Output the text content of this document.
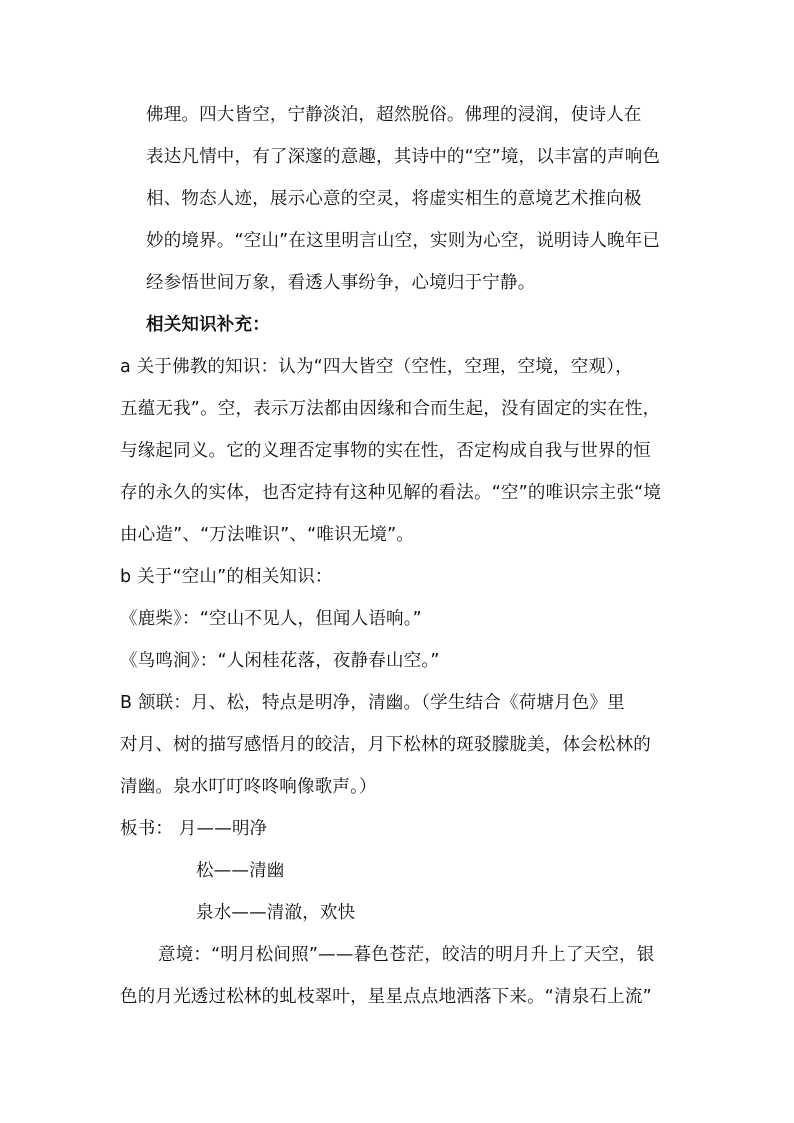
佛理。四大皆空，宁静淡泊，超然脱俗。佛理的浸润，使诗人在
表达凡情中，有了深邃的意趣，其诗中的“空”境，以丰富的声响色
相、物态人迹，展示心意的空灵，将虚实相生的意境艺术推向极
妙的境界。“空山”在这里明言山空，实则为心空，说明诗人晚年已
经参悟世间万象，看透人事纷争，心境归于宁静。
相关知识补充：
a 关于佛教的知识：认为“四大皆空（空性，空理，空境，空观），
五蕴无我”。空，表示万法都由因缘和合而生起，没有固定的实在性，
与缘起同义。它的义理否定事物的实在性，否定构成自我与世界的恒
存的永久的实体，也否定持有这种见解的看法。“空”的唯识宗主张“境
由心造”、“万法唯识”、“唯识无境”。
b 关于“空山”的相关知识：
《鹿柴》：“空山不见人，但闻人语响。”
《鸟鸣涧》：“人闲桂花落，夜静春山空。”
B 颔联：月、松，特点是明净，清幽。（学生结合《荷塘月色》里
对月、树的描写感悟月的皎洁，月下松林的斑驳朦胧美，体会松林的
清幽。泉水叮叮咚咚响像歌声。）
板书： 月——明净
松——清幽
泉水——清澈，欢快
意境：“明月松间照”——暮色苍茫，皎洁的明月升上了天空，银
色的月光透过松林的虬枝翠叶，星星点点地洒落下来。“清泉石上流”
